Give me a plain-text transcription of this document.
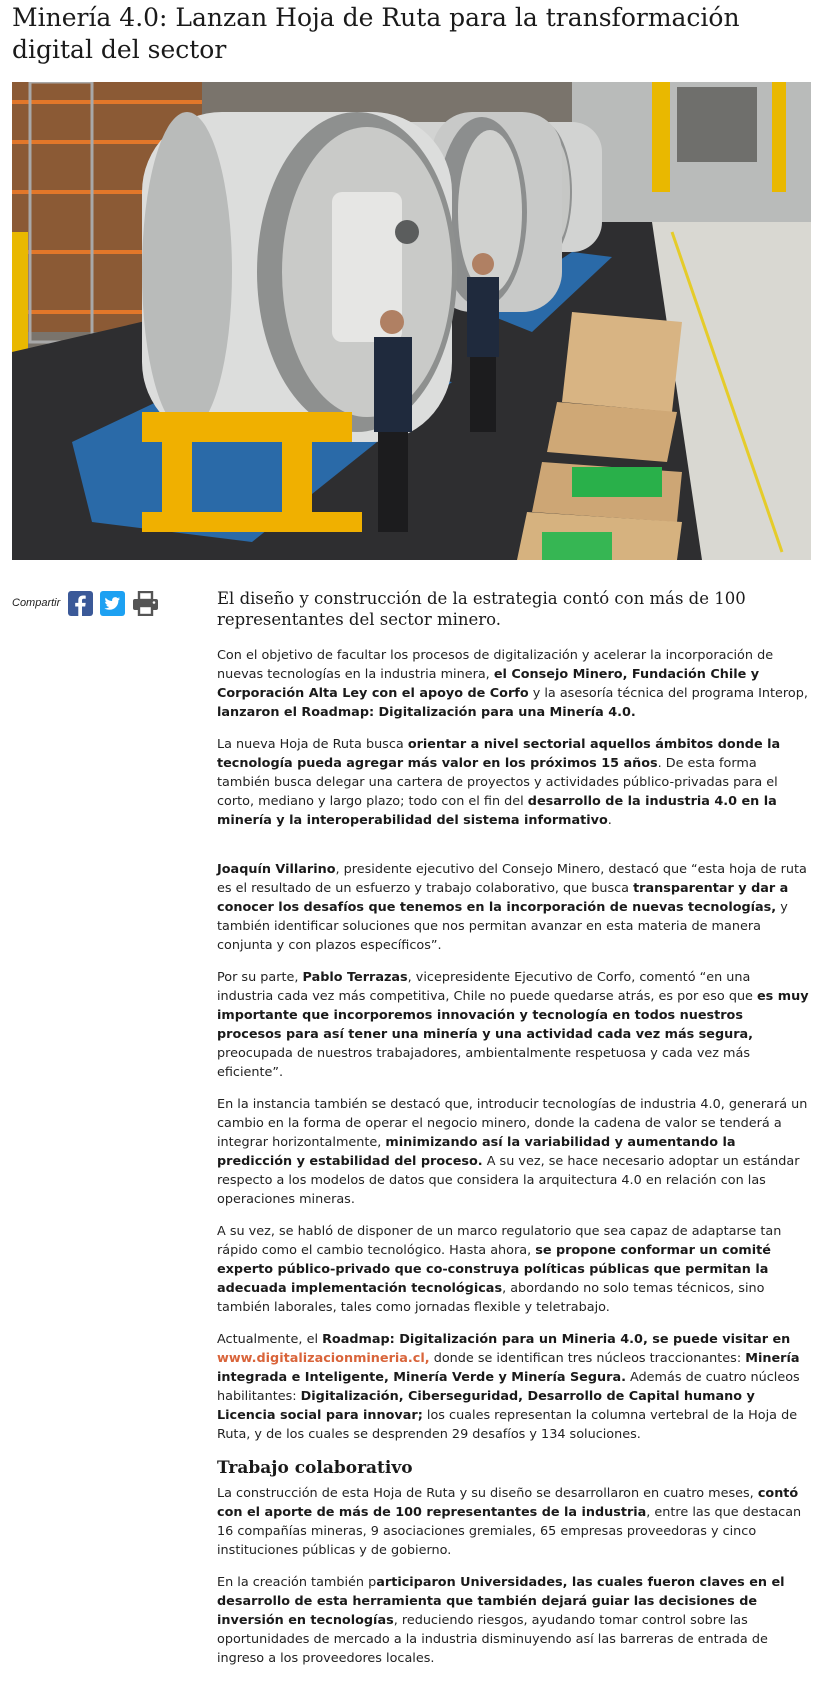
Minería 4.0: Lanzan Hoja de Ruta para la transformación digital del sector
Compartir	El diseño y construcción de la estrategia contó con más de 100 representantes del sector minero.

Con el objetivo de facultar los procesos de digitalización y acelerar la incorporación de nuevas tecnologías en la industria minera, el Consejo Minero, Fundación Chile y Corporación Alta Ley con el apoyo de Corfo y la asesoría técnica del programa Interop, lanzaron el Roadmap: Digitalización para una Minería 4.0.

La nueva Hoja de Ruta busca orientar a nivel sectorial aquellos ámbitos donde la tecnología pueda agregar más valor en los próximos 15 años. De esta forma también busca delegar una cartera de proyectos y actividades público-privadas para el corto, mediano y largo plazo; todo con el fin del desarrollo de la industria 4.0 en la minería y la interoperabilidad del sistema informativo.

Joaquín Villarino, presidente ejecutivo del Consejo Minero, destacó que “esta hoja de ruta es el resultado de un esfuerzo y trabajo colaborativo, que busca transparentar y dar a conocer los desafíos que tenemos en la incorporación de nuevas tecnologías, y también identificar soluciones que nos permitan avanzar en esta materia de manera conjunta y con plazos específicos”.

Por su parte, Pablo Terrazas, vicepresidente Ejecutivo de Corfo, comentó “en una industria cada vez más competitiva, Chile no puede quedarse atrás, es por eso que es muy importante que incorporemos innovación y tecnología en todos nuestros procesos para así tener una minería y una actividad cada vez más segura, preocupada de nuestros trabajadores, ambientalmente respetuosa y cada vez más eficiente”.

En la instancia también se destacó que, introducir tecnologías de industria 4.0, generará un cambio en la forma de operar el negocio minero, donde la cadena de valor se tenderá a integrar horizontalmente, minimizando así la variabilidad y aumentando la predicción y estabilidad del proceso. A su vez, se hace necesario adoptar un estándar respecto a los modelos de datos que considera la arquitectura 4.0 en relación con las operaciones mineras.

A su vez, se habló de disponer de un marco regulatorio que sea capaz de adaptarse tan rápido como el cambio tecnológico. Hasta ahora, se propone conformar un comité experto público-privado que co-construya políticas públicas que permitan la adecuada implementación tecnológicas, abordando no solo temas técnicos, sino también laborales, tales como jornadas flexible y teletrabajo.

Actualmente, el Roadmap: Digitalización para un Mineria 4.0, se puede visitar en
www.digitalizacionmineria.cl, donde se identifican tres núcleos traccionantes: Minería integrada e Inteligente, Minería Verde y Minería Segura. Además de cuatro núcleos habilitantes: Digitalización, Ciberseguridad, Desarrollo de Capital humano y Licencia social para innovar; los cuales representan la columna vertebral de la Hoja de Ruta, y de los cuales se desprenden 29 desafíos y 134 soluciones.

Trabajo colaborativo

La construcción de esta Hoja de Ruta y su diseño se desarrollaron en cuatro meses, contó con el aporte de más de 100 representantes de la industria, entre las que destacan 16 compañías mineras, 9 asociaciones gremiales, 65 empresas proveedoras y cinco instituciones públicas y de gobierno.

En la creación también participaron Universidades, las cuales fueron claves en el desarrollo de esta herramienta que también dejará guiar las decisiones de inversión en tecnologías, reduciendo riesgos, ayudando tomar control sobre las oportunidades de mercado a la industria disminuyendo así las barreras de entrada de ingreso a los proveedores locales.
